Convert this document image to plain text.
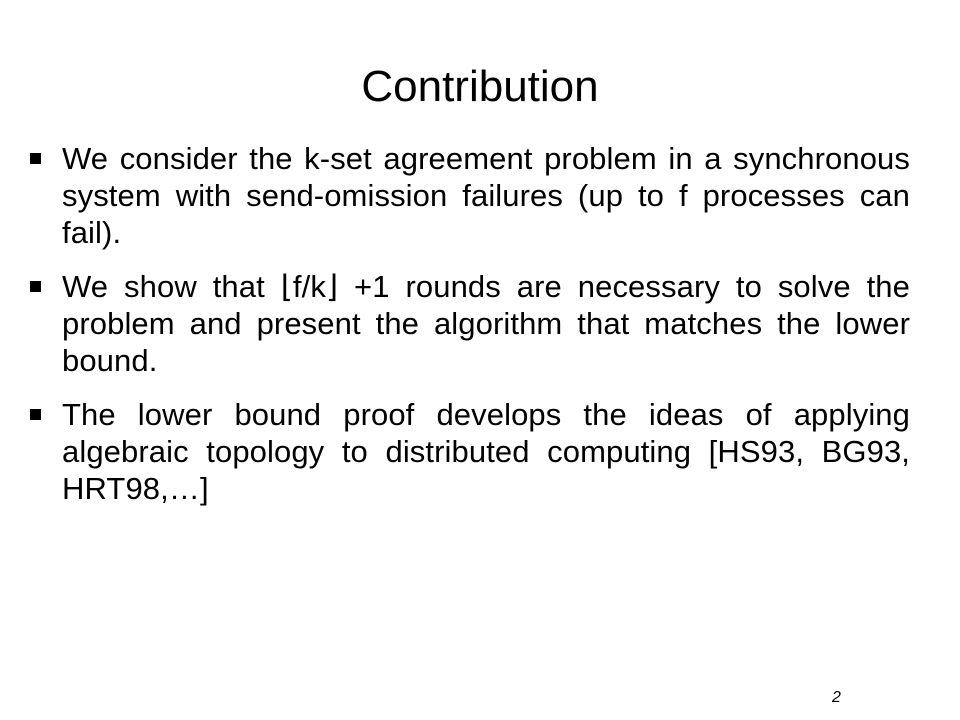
Contribution
We consider the k-set agreement problem in a synchronous system with send-omission failures (up to f processes can fail).
We show that ⌊f/k⌋ +1 rounds are necessary to solve the problem and present the algorithm that matches the lower bound.
The lower bound proof develops the ideas of applying algebraic topology to distributed computing [HS93, BG93, HRT98,…]
2
